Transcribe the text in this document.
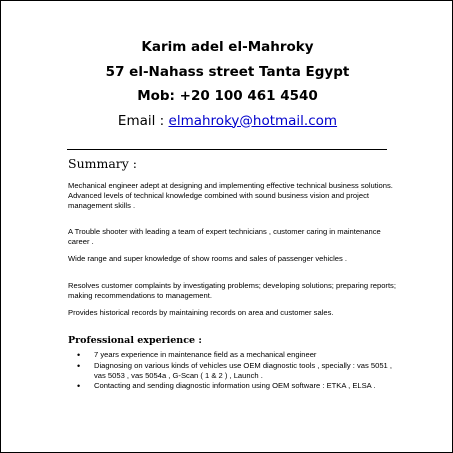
Karim adel el-Mahroky
57 el-Nahass street Tanta Egypt
Mob: +20 100 461 4540
Email : elmahroky@hotmail.com
Summary :

Mechanical engineer adept at designing and implementing effective technical business solutions.

Advanced levels of technical knowledge combined with sound business vision and project management skills .

A Trouble shooter with leading a team of expert technicians , customer caring in maintenance career .

Wide range and super knowledge of show rooms and sales of passenger vehicles .

Resolves customer complaints by investigating problems; developing solutions; preparing reports; making recommendations to management.

Provides historical records by maintaining records on area and customer sales.

Professional experience :
• 7 years experience in maintenance field as a mechanical engineer
• Diagnosing on various kinds of vehicles use OEM diagnostic tools , specially : vas 5051 , vas 5053 , vas 5054a , G-Scan ( 1 & 2 ) , Launch .
• Contacting and sending diagnostic information using OEM software : ETKA , ELSA .
